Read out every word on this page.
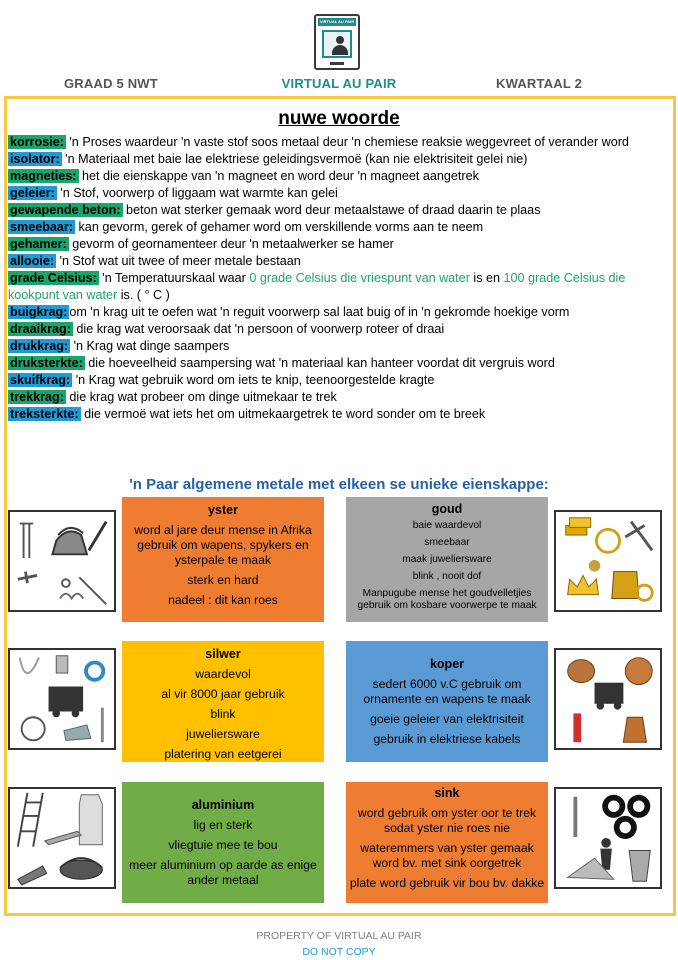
VIRTUAL AU PAIR
GRAAD 5 NWT	VIRTUAL AU PAIR	KWARTAAL 2
nuwe woorde
korrosie: 'n Proses waardeur 'n vaste stof soos metaal deur 'n chemiese reaksie weggevreet of verander word
isolator: 'n Materiaal met baie lae elektriese geleidingsvermoë (kan nie elektrisiteit gelei nie)
magneties: het die eienskappe van 'n magneet en word deur 'n magneet aangetrek
geleier: 'n Stof, voorwerp of liggaam wat warmte kan gelei
gewapende beton: beton wat sterker gemaak word deur metaalstawe of draad daarin te plaas
smeebaar: kan gevorm, gerek of gehamer word om verskillende vorms aan te neem
gehamer: gevorm of geornamenteer deur 'n metaalwerker se hamer
allooie: 'n Stof wat uit twee of meer metale bestaan
grade Celsius: 'n Temperatuurskaal waar 0 grade Celsius die vriespunt van water is en 100 grade Celsius die kookpunt van water is. ( ° C )
buigkrag: om 'n krag uit te oefen wat 'n reguit voorwerp sal laat buig of in 'n gekromde hoekige vorm
draaikrag: die krag wat veroorsaak dat 'n persoon of voorwerp roteer of draai
drukkrag: 'n Krag wat dinge saampers
druksterkte: die hoeveelheid saampersing wat 'n materiaal kan hanteer voordat dit vergruis word
skuifkrag: 'n Krag wat gebruik word om iets te knip, teenoorgestelde kragte
trekkrag: die krag wat probeer om dinge uitmekaar te trek
treksterkte: die vermoë wat iets het om uitmekaargetrek te word sonder om te breek
'n Paar algemene metale met elkeen se unieke eienskappe:
yster
word al jare deur mense in Afrika gebruik om wapens, spykers en ysterpale te maak
sterk en hard
nadeel : dit kan roes
goud
baie waardevol
smeebaar
maak juweliersware
blink , nooit dof
Manpugube mense het goudvelletjies gebruik om kosbare voorwerpe te maak
silwer
waardevol
al vir 8000 jaar gebruik
blink
juweliersware
platering van eetgerei
koper
sedert 6000 v.C gebruik om ornamente en wapens te maak
goeie geleier van elektrisiteit
gebruik in elektriese kabels
aluminium
lig en sterk
vliegtuie mee te bou
meer aluminium op aarde as enige ander metaal
sink
word gebruik om yster oor te trek sodat yster nie roes nie
wateremmers van yster gemaak word bv. met sink oorgetrek
plate word gebruik vir bou bv. dakke
PROPERTY OF VIRTUAL AU PAIR
DO NOT COPY
